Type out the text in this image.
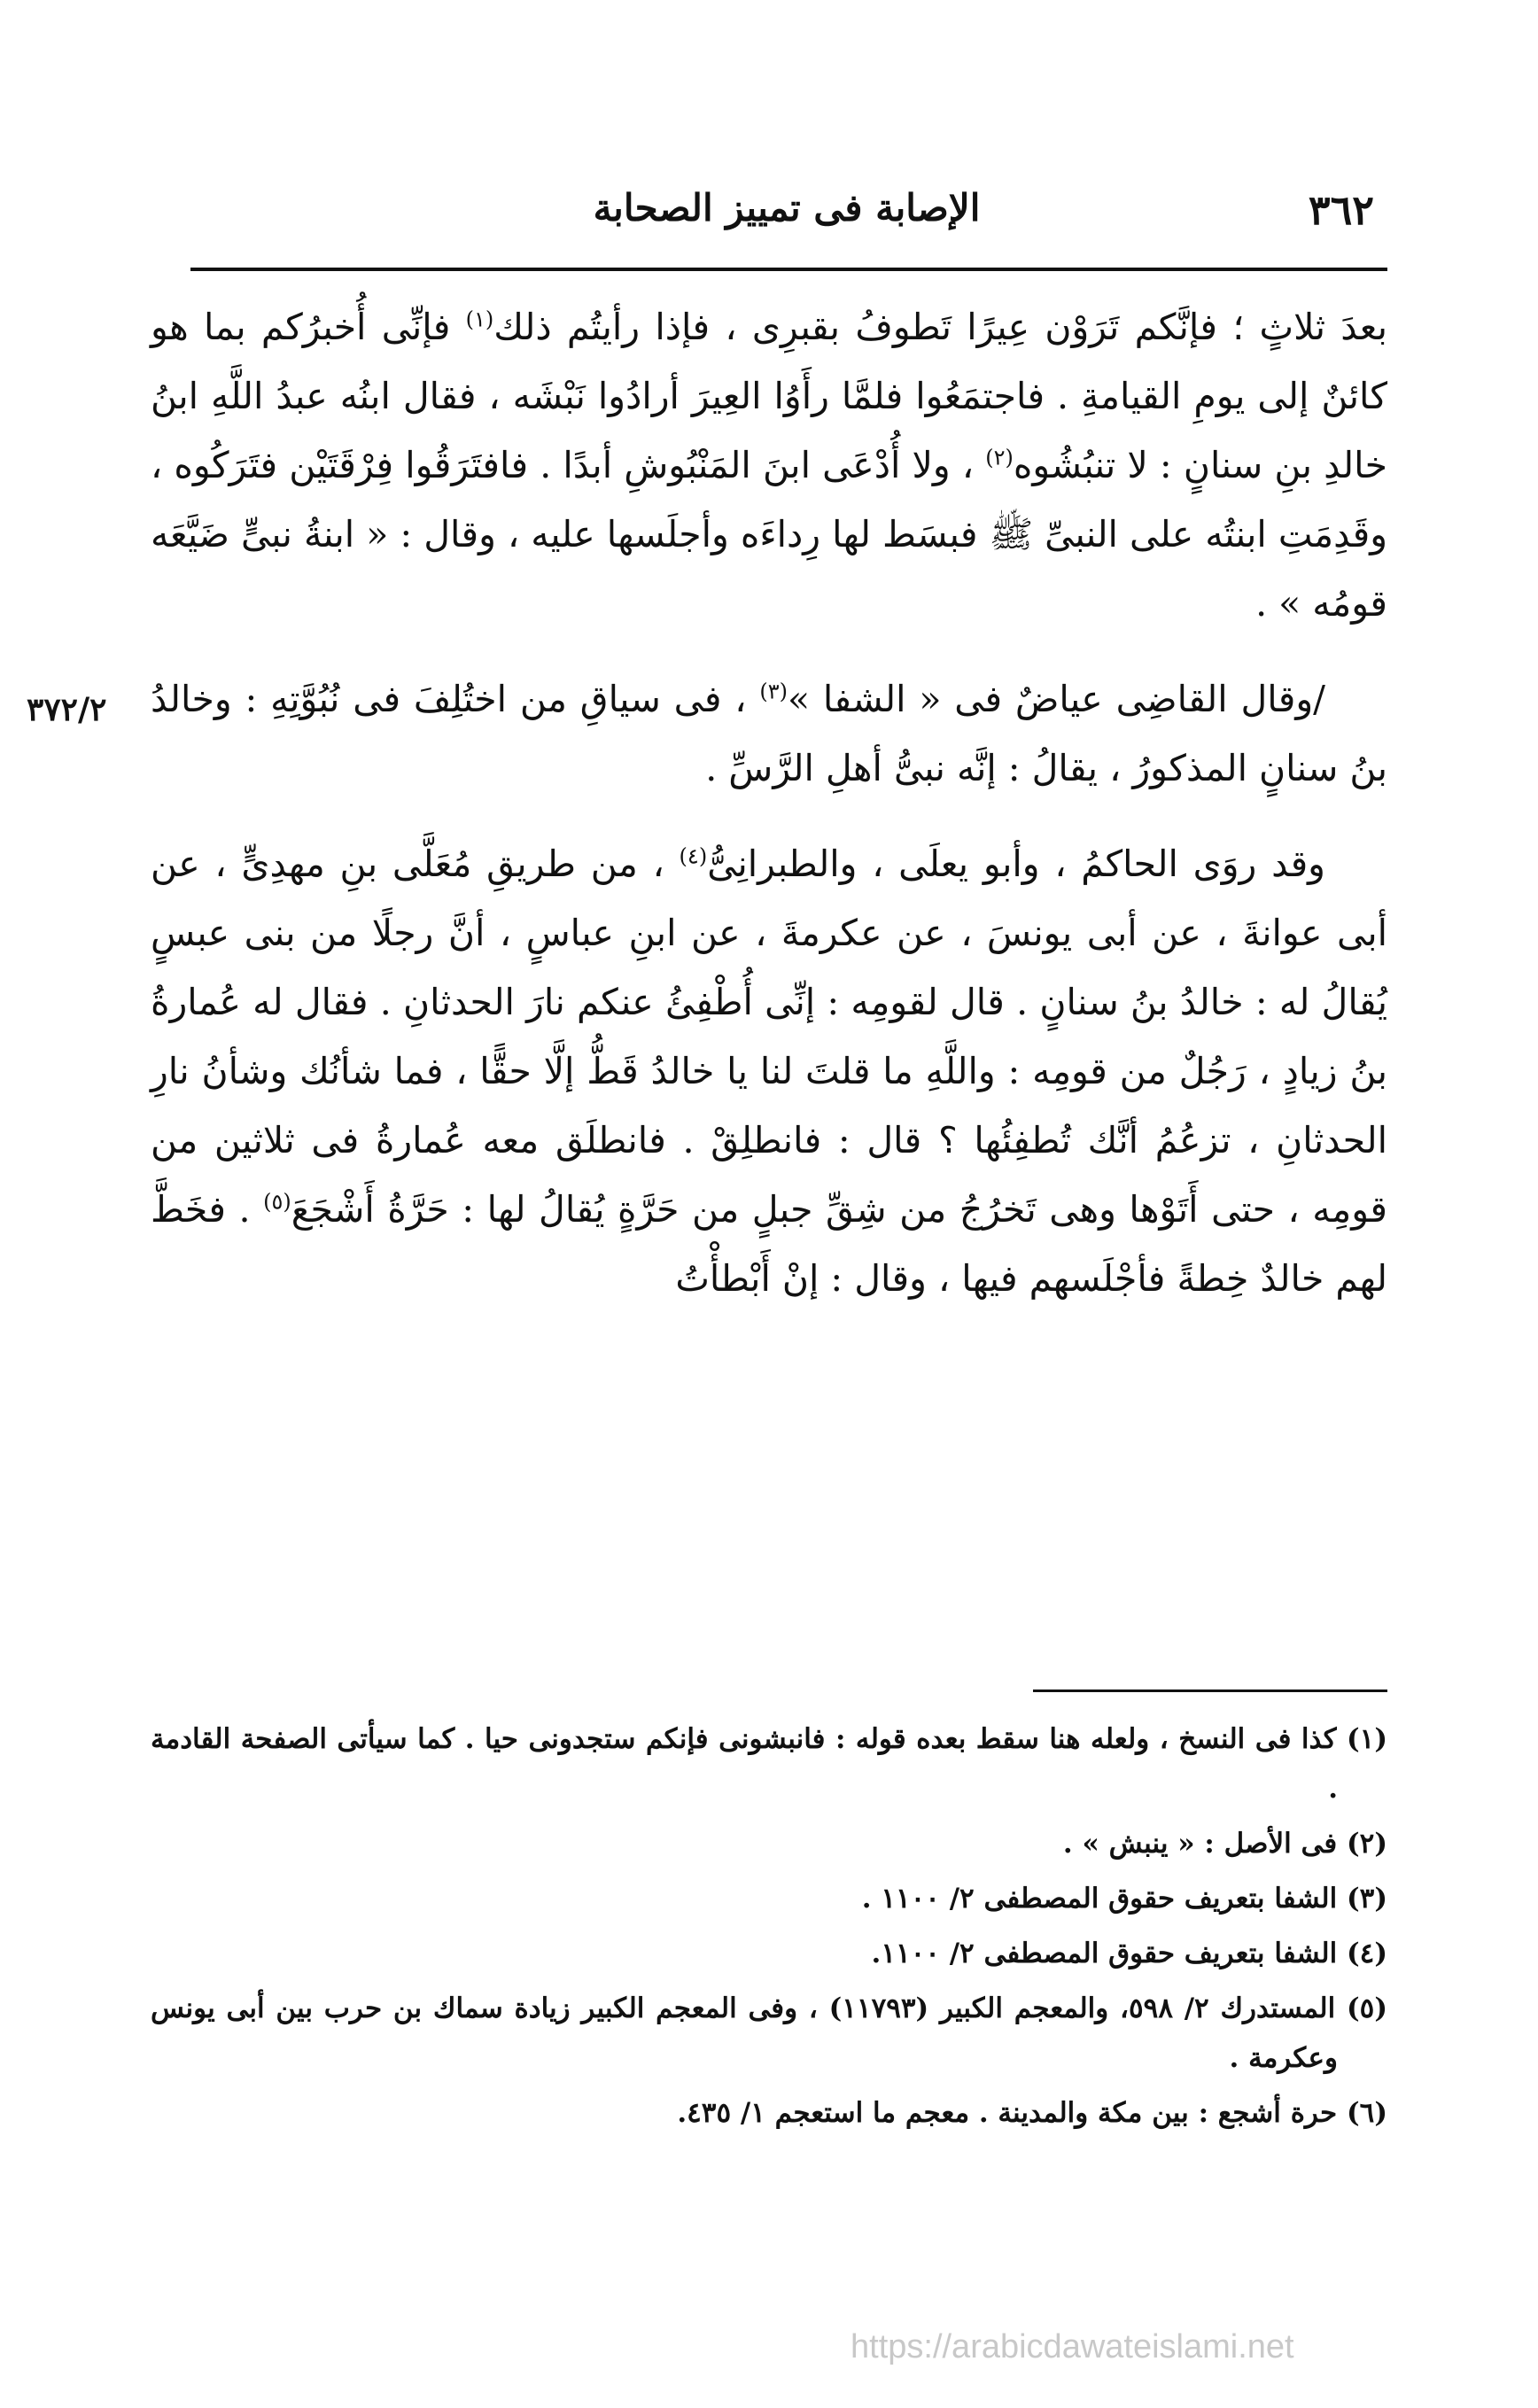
٣٦٢
الإصابة فى تمييز الصحابة

بعدَ ثلاثٍ ؛ فإنَّكم تَرَوْن عِيرًا تَطوفُ بقبرِى ، فإذا رأيتُم ذلك$^{(١)}$ فإنِّى أُخبرُكم بما هو كائنٌ إلى يومِ القيامةِ . فاجتمَعُوا فلمَّا رأَوُا العِيرَ أرادُوا نَبْشَه ، فقال ابنُه عبدُ اللَّهِ ابنُ خالدِ بنِ سنانٍ : لا تنبُشُوه$^{(٢)}$ ، ولا أُدْعَى ابنَ المَنْبُوشِ أبدًا . فافتَرَقُوا فِرْقَتَيْن فتَرَكُوه ، وقَدِمَتِ ابنتُه على النبىِّ ﷺ فبسَط لها رِداءَه وأجلَسها عليه ، وقال : « ابنةُ نبىٍّ ضَيَّعَه قومُه » .

٣٧٢/٢	/وقال القاضِى عياضٌ فى « الشفا »$^{(٣)}$ ، فى سياقِ من اختُلِفَ فى نُبُوَّتِهِ : وخالدُ بنُ سنانٍ المذكورُ ، يقالُ : إنَّه نبىُّ أهلِ الرَّسِّ .

وقد روَى الحاكمُ ، وأبو يعلَى ، والطبرانِىُّ$^{(٤)}$ ، من طريقِ مُعَلَّى بنِ مهدِىٍّ ، عن أبى عوانةَ ، عن أبى يونسَ ، عن عكرمةَ ، عن ابنِ عباسٍ ، أنَّ رجلًا من بنى عبسٍ يُقالُ له : خالدُ بنُ سنانٍ . قال لقومِه : إنِّى أُطْفِئُ عنكم نارَ الحدثانِ . فقال له عُمارةُ بنُ زيادٍ ، رَجُلٌ من قومِه : واللَّهِ ما قلتَ لنا يا خالدُ قَطُّ إلَّا حقًّا ، فما شأنُك وشأنُ نارِ الحدثانِ ، تزعُمُ أنَّك تُطفِئُها ؟ قال : فانطلِقْ . فانطلَق معه عُمارةُ فى ثلاثين من قومِه ، حتى أَتَوْها وهى تَخرُجُ من شِقِّ جبلٍ من حَرَّةٍ يُقالُ لها : حَرَّةُ أَشْجَعَ$^{(٥)}$ . فخَطَّ لهم خالدٌ خِطةً فأجْلَسهم فيها ، وقال : إنْ أَبْطأْتُ

(١) كذا فى النسخ ، ولعله هنا سقط بعده قوله : فانبشونى فإنكم ستجدونى حيا . كما سيأتى الصفحة القادمة .

(٢) فى الأصل : « ينبش » .

(٣) الشفا بتعريف حقوق المصطفى ٢/ ١١٠٠ .

(٤) الشفا بتعريف حقوق المصطفى ٢/ ١١٠٠.

(٥) المستدرك ٢/ ٥٩٨، والمعجم الكبير (١١٧٩٣) ، وفى المعجم الكبير زيادة سماك بن حرب بين أبى يونس وعكرمة .

(٦) حرة أشجع : بين مكة والمدينة . معجم ما استعجم ١/ ٤٣٥.

https://arabicdawateislami.net
